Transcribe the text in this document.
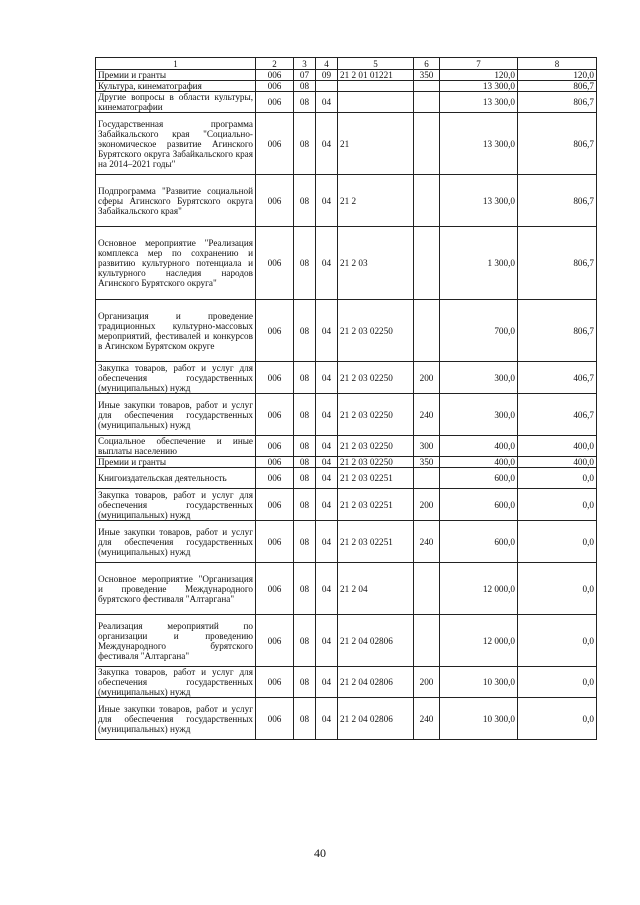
1	2	3	4	5	6	7	8
Премии и гранты	006	07	09	21 2 01 01221	350	120,0	120,0
Культура, кинематография	006	08				13 300,0	806,7
Другие вопросы в области культуры, кинематографии	006	08	04			13 300,0	806,7
Государственная программа Забайкальского края "Социально-экономическое развитие Агинского Бурятского округа Забайкальского края на 2014–2021 годы"	006	08	04	21		13 300,0	806,7
Подпрограмма "Развитие социальной сферы Агинского Бурятского округа Забайкальского края"	006	08	04	21 2		13 300,0	806,7
Основное мероприятие "Реализация комплекса мер по сохранению и развитию культурного потенциала и культурного наследия народов Агинского Бурятского округа"	006	08	04	21 2 03		1 300,0	806,7
Организация и проведение традиционных культурно-массовых мероприятий, фестивалей и конкурсов в Агинском Бурятском округе	006	08	04	21 2 03 02250		700,0	806,7
Закупка товаров, работ и услуг для обеспечения государственных (муниципальных) нужд	006	08	04	21 2 03 02250	200	300,0	406,7
Иные закупки товаров, работ и услуг для обеспечения государственных (муниципальных) нужд	006	08	04	21 2 03 02250	240	300,0	406,7
Социальное обеспечение и иные выплаты населению	006	08	04	21 2 03 02250	300	400,0	400,0
Премии и гранты	006	08	04	21 2 03 02250	350	400,0	400,0
Книгоиздательская деятельность	006	08	04	21 2 03 02251		600,0	0,0
Закупка товаров, работ и услуг для обеспечения государственных (муниципальных) нужд	006	08	04	21 2 03 02251	200	600,0	0,0
Иные закупки товаров, работ и услуг для обеспечения государственных (муниципальных) нужд	006	08	04	21 2 03 02251	240	600,0	0,0
Основное мероприятие "Организация и проведение Международного бурятского фестиваля "Алтаргана"	006	08	04	21 2 04		12 000,0	0,0
Реализация мероприятий по организации и проведению Международного бурятского фестиваля "Алтаргана"	006	08	04	21 2 04 02806		12 000,0	0,0
Закупка товаров, работ и услуг для обеспечения государственных (муниципальных) нужд	006	08	04	21 2 04 02806	200	10 300,0	0,0
Иные закупки товаров, работ и услуг для обеспечения государственных (муниципальных) нужд	006	08	04	21 2 04 02806	240	10 300,0	0,0
40
